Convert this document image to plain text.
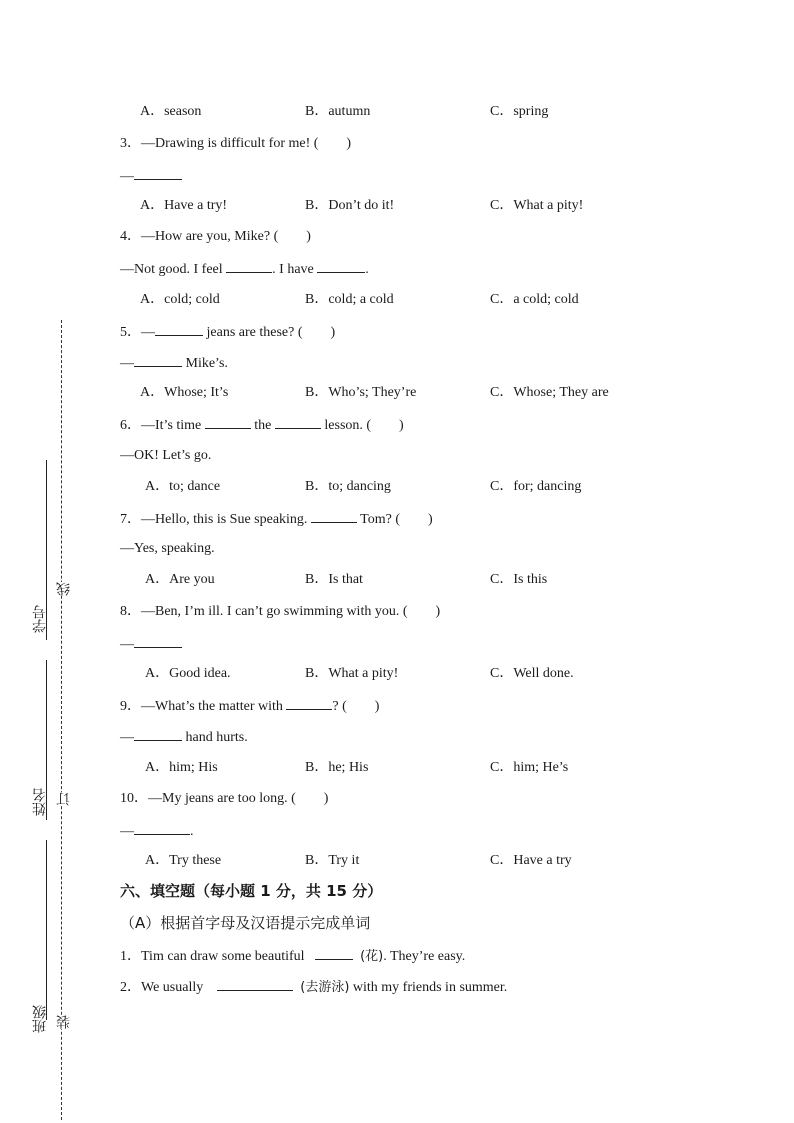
学号
姓名
班级
线
订
装
A．season	B．autumn	C．spring
3．—Drawing is difficult for me! (　　)
—
A．Have a try!	B．Don’t do it!	C．What a pity!
4．—How are you, Mike? (　　)
—Not good. I feel	. I have	.
A．cold; cold	B．cold; a cold	C．a cold; cold
5．—	jeans are these? (　　)
—	Mike’s.
A．Whose; It’s	B．Who’s; They’re	C．Whose; They are
6．—It’s time	the	lesson. (　　)
—OK! Let’s go.
A．to; dance	B．to; dancing	C．for; dancing
7．—Hello, this is Sue speaking.	Tom? (　　)
—Yes, speaking.
A．Are you	B．Is that	C．Is this
8．—Ben, I’m ill. I can’t go swimming with you. (　　)
—
A．Good idea.	B．What a pity!	C．Well done.
9．—What’s the matter with	? (　　)
—	hand hurts.
A．him; His	B．he; His	C．him; He’s
10．—My jeans are too long. (　　)
—	.
A．Try these	B．Try it	C．Have a try
六、填空题（每小题 1 分，共 15 分）
（A）根据首字母及汉语提示完成单词
1．Tim can draw some beautiful	(花). They’re easy.
2．We usually	(去游泳) with my friends in summer.
